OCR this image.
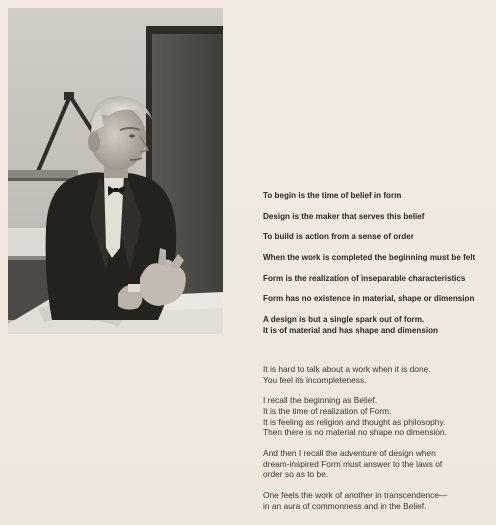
To begin is the time of belief in form
Design is the maker that serves this belief
To build is action from a sense of order
When the work is completed the beginning must be felt
Form is the realization of inseparable characteristics
Form has no existence in material, shape or dimension
A design is but a single spark out of form.
It is of material and has shape and dimension
It is hard to talk about a work when it is done.
You feel its incompleteness.
I recall the beginning as Belief.
It is the time of realization of Form.
It is feeling as religion and thought as philosophy.
Then there is no material no shape no dimension.
And then I recall the adventure of design when
dream-inspired Form must answer to the laws of
order so as to be.
One feels the work of another in transcendence—
in an aura of commonness and in the Belief.
